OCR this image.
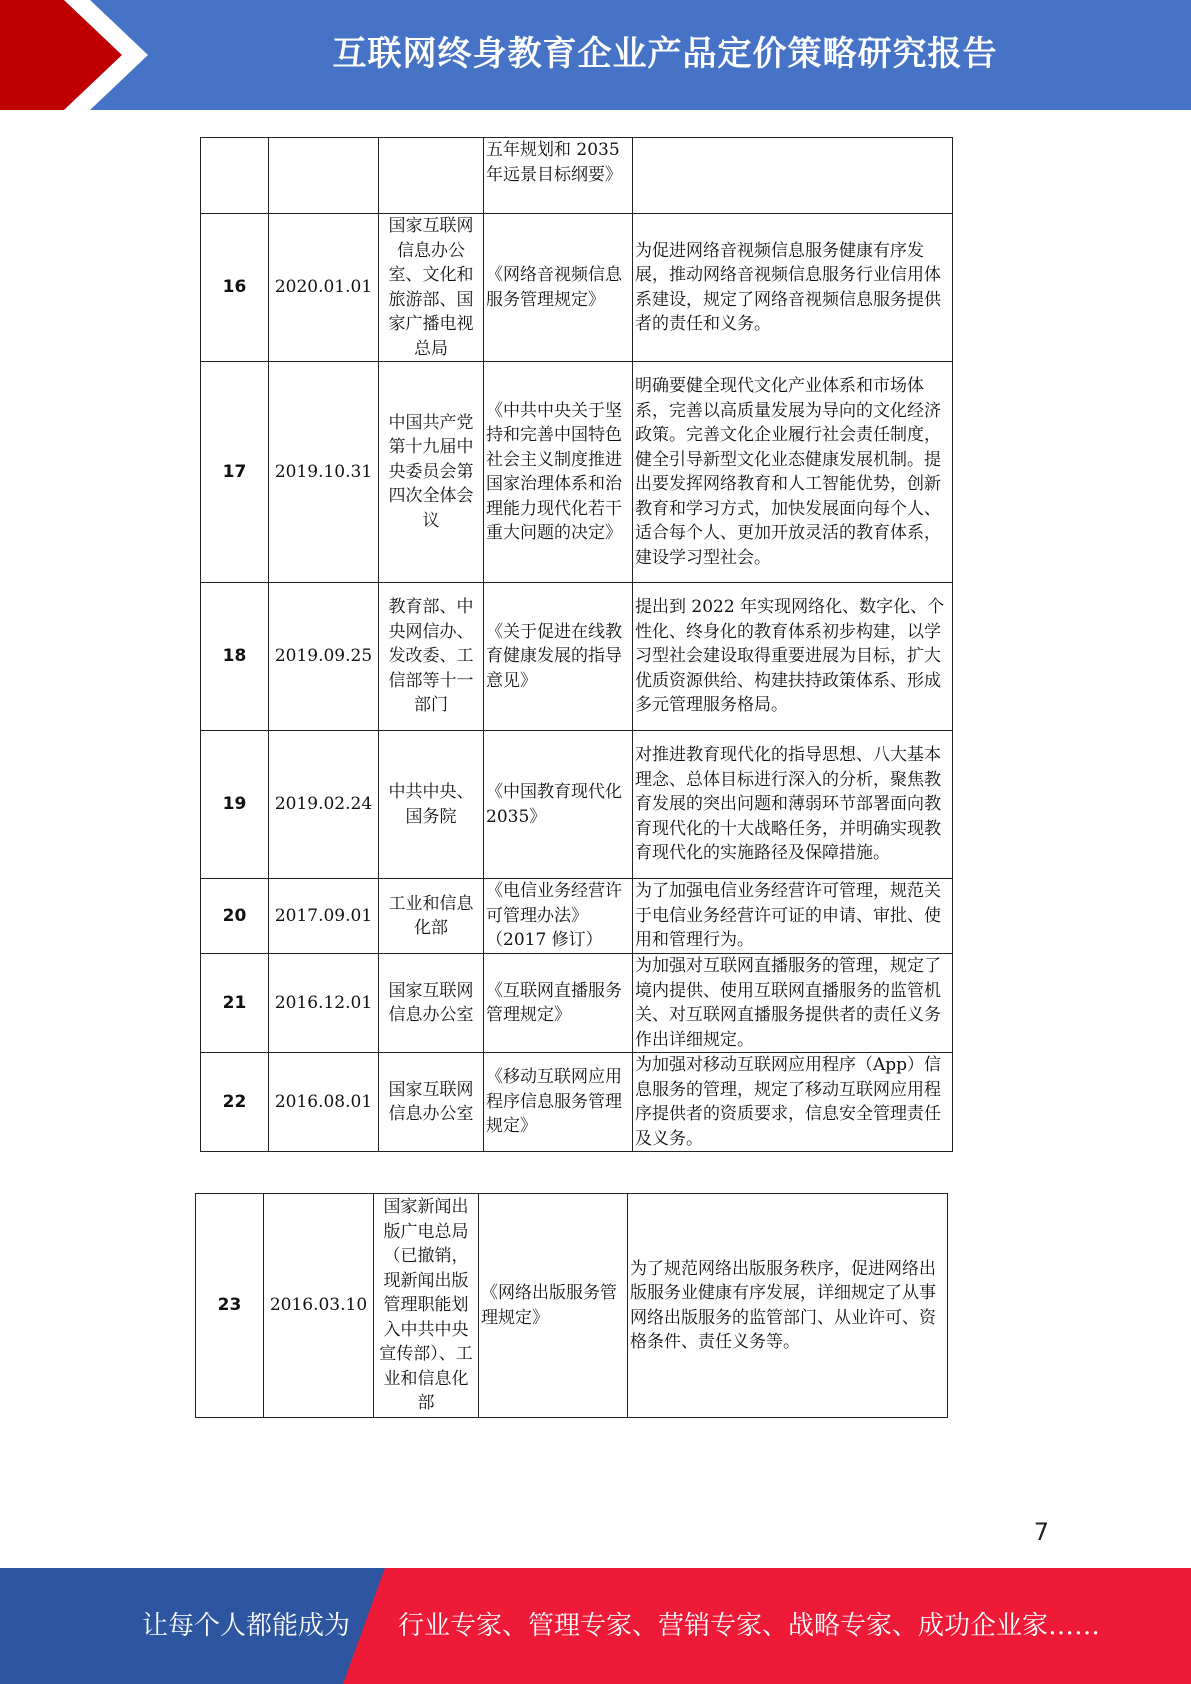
互联网终身教育企业产品定价策略研究报告
			五年规划和 2035 年远景目标纲要》	
16	2020.01.01	国家互联网信息办公室、文化和旅游部、国家广播电视总局	《网络音视频信息服务管理规定》	为促进网络音视频信息服务健康有序发展，推动网络音视频信息服务行业信用体系建设，规定了网络音视频信息服务提供者的责任和义务。
17	2019.10.31	中国共产党第十九届中央委员会第四次全体会议	《中共中央关于坚持和完善中国特色社会主义制度推进国家治理体系和治理能力现代化若干重大问题的决定》	明确要健全现代文化产业体系和市场体系，完善以高质量发展为导向的文化经济政策。完善文化企业履行社会责任制度，健全引导新型文化业态健康发展机制。提出要发挥网络教育和人工智能优势，创新教育和学习方式，加快发展面向每个人、适合每个人、更加开放灵活的教育体系，建设学习型社会。
18	2019.09.25	教育部、中央网信办、发改委、工信部等十一部门	《关于促进在线教育健康发展的指导意见》	提出到 2022 年实现网络化、数字化、个性化、终身化的教育体系初步构建，以学习型社会建设取得重要进展为目标，扩大优质资源供给、构建扶持政策体系、形成多元管理服务格局。
19	2019.02.24	中共中央、国务院	《中国教育现代化 2035》	对推进教育现代化的指导思想、八大基本理念、总体目标进行深入的分析，聚焦教育发展的突出问题和薄弱环节部署面向教育现代化的十大战略任务，并明确实现教育现代化的实施路径及保障措施。
20	2017.09.01	工业和信息化部	《电信业务经营许可管理办法》（2017 修订）	为了加强电信业务经营许可管理，规范关于电信业务经营许可证的申请、审批、使用和管理行为。
21	2016.12.01	国家互联网信息办公室	《互联网直播服务管理规定》	为加强对互联网直播服务的管理，规定了境内提供、使用互联网直播服务的监管机关、对互联网直播服务提供者的责任义务作出详细规定。
22	2016.08.01	国家互联网信息办公室	《移动互联网应用程序信息服务管理规定》	为加强对移动互联网应用程序（App）信息服务的管理，规定了移动互联网应用程序提供者的资质要求，信息安全管理责任及义务。
23	2016.03.10	国家新闻出版广电总局（已撤销，现新闻出版管理职能划入中共中央宣传部）、工业和信息化部	《网络出版服务管理规定》	为了规范网络出版服务秩序，促进网络出版服务业健康有序发展，详细规定了从事网络出版服务的监管部门、从业许可、资格条件、责任义务等。
7
让每个人都能成为 行业专家、管理专家、营销专家、战略专家、成功企业家……
